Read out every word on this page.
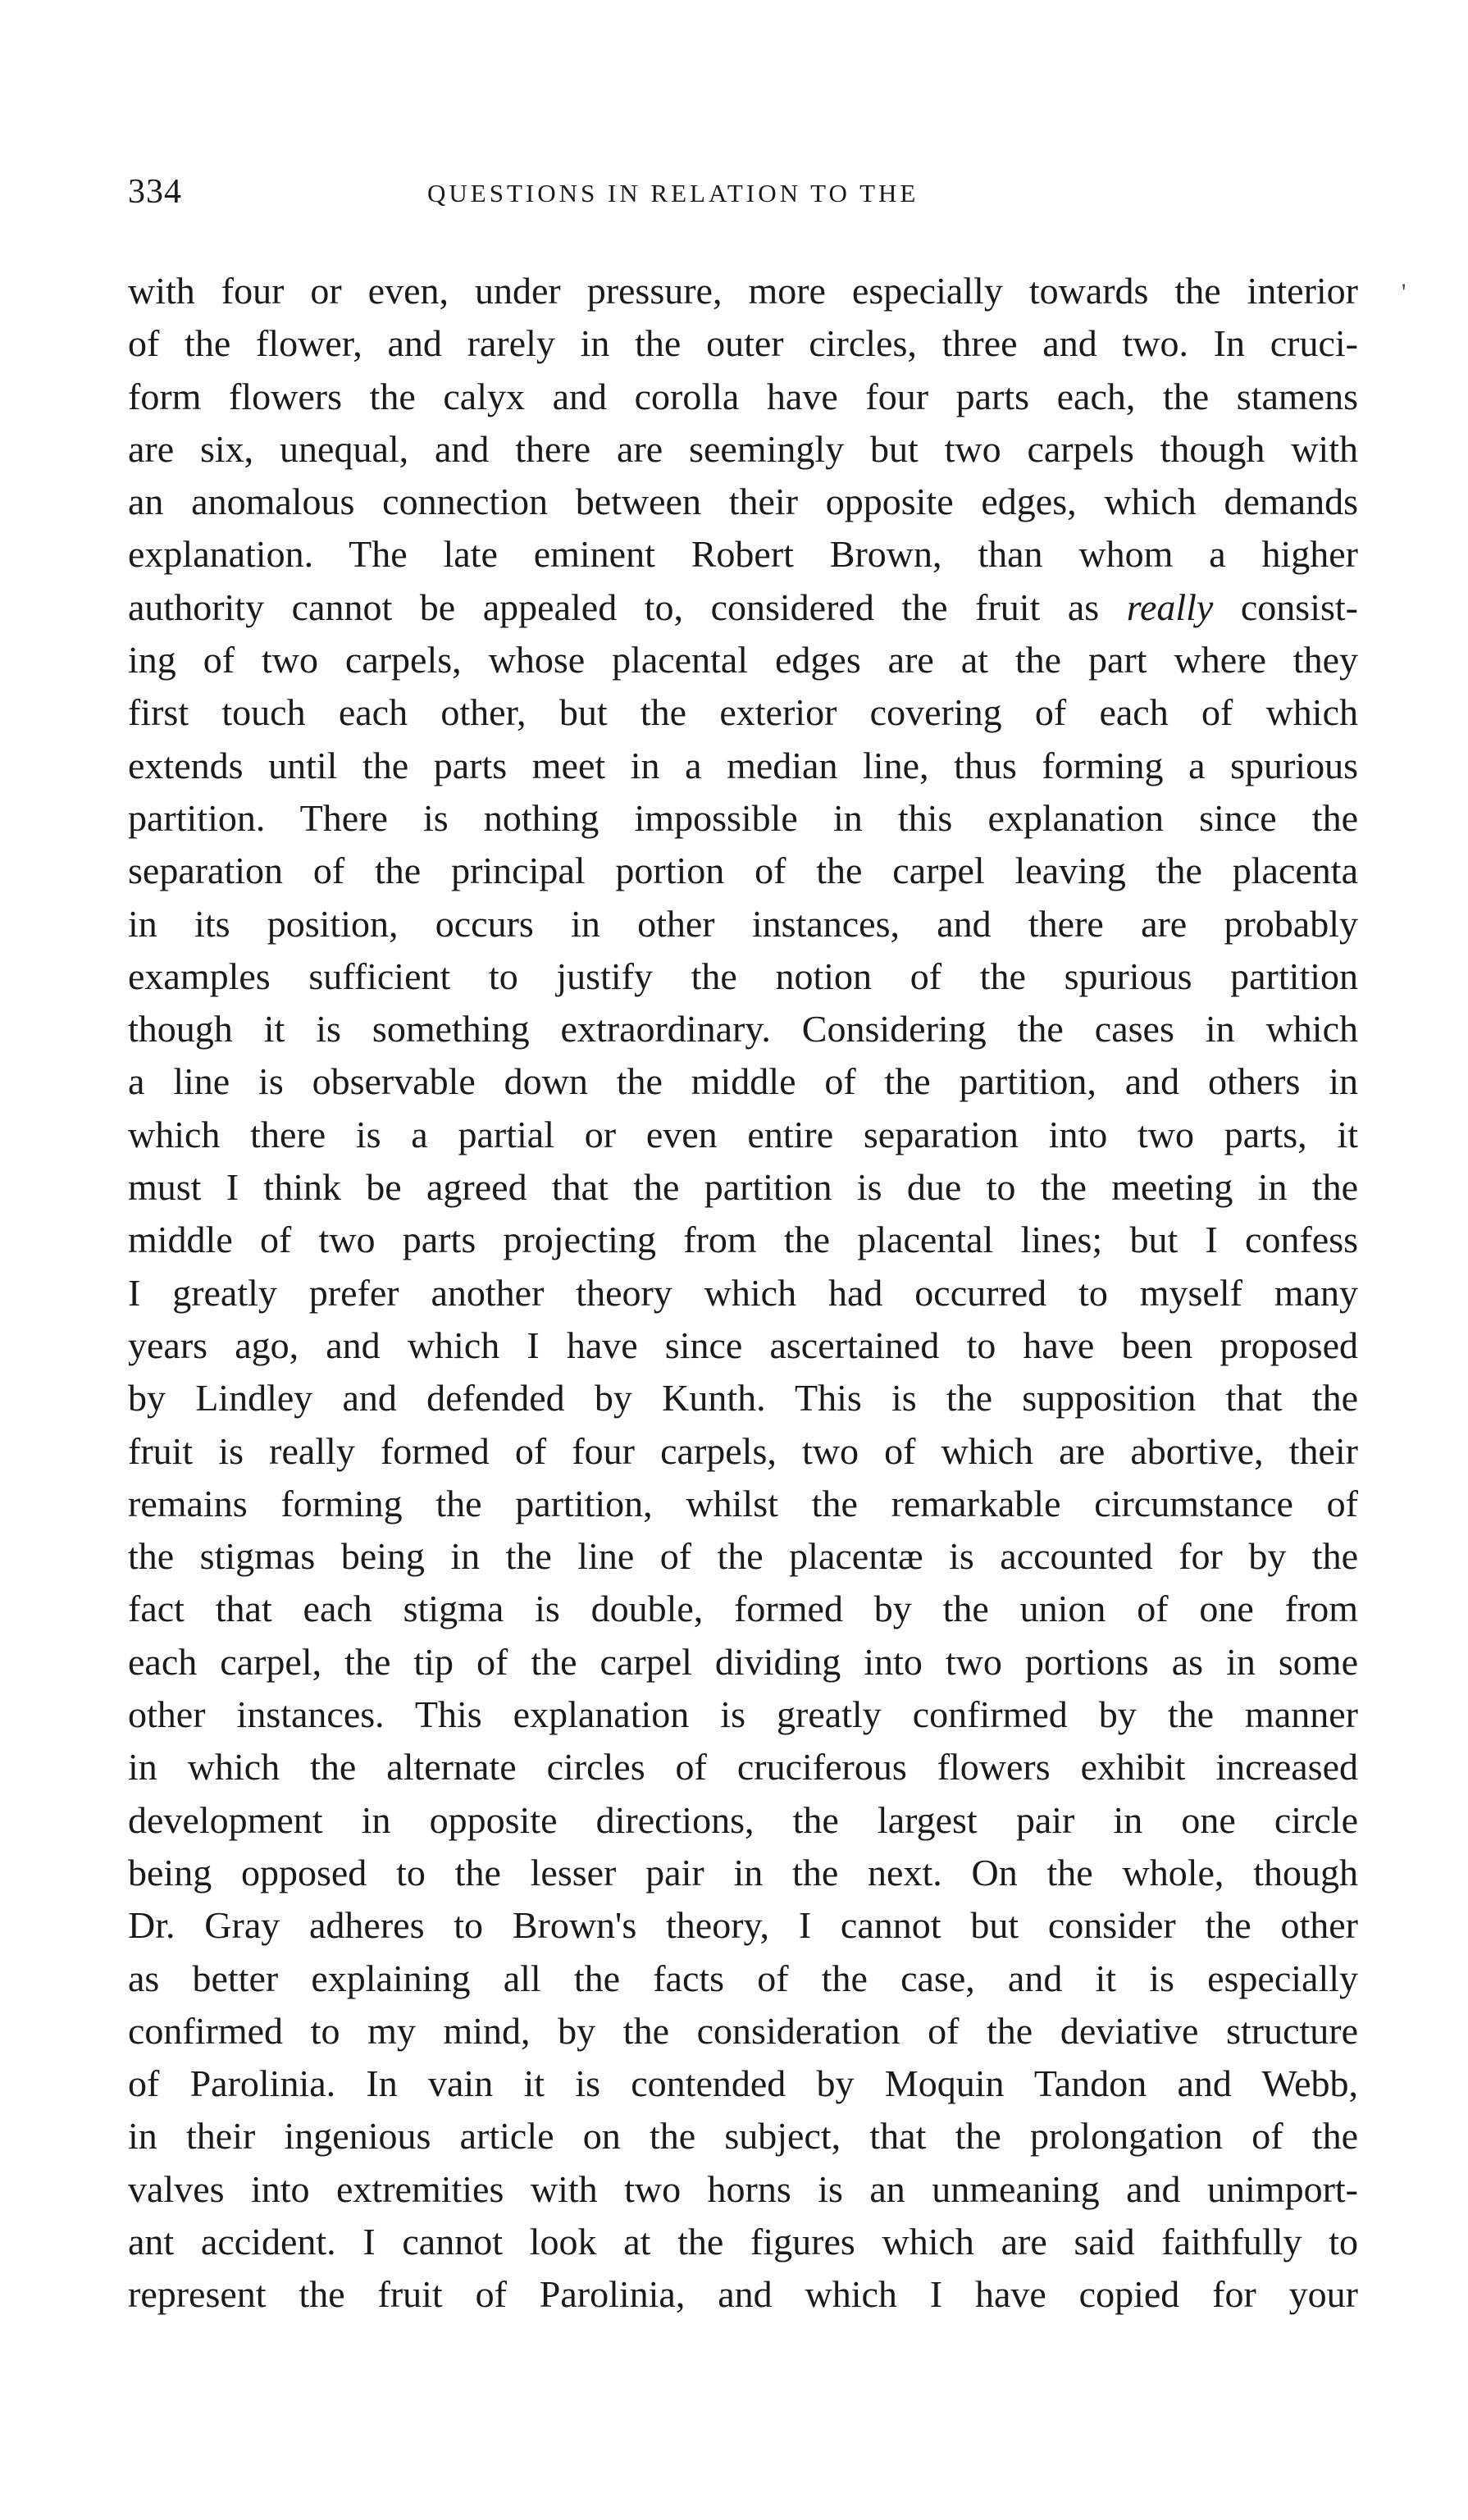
334	QUESTIONS IN RELATION TO THE
'
with four or even, under pressure, more especially towards the interior
of the flower, and rarely in the outer circles, three and two. In cruci-
form flowers the calyx and corolla have four parts each, the stamens
are six, unequal, and there are seemingly but two carpels though with
an anomalous connection between their opposite edges, which demands
explanation. The late eminent Robert Brown, than whom a higher
authority cannot be appealed to, considered the fruit as really consist-
ing of two carpels, whose placental edges are at the part where they
first touch each other, but the exterior covering of each of which
extends until the parts meet in a median line, thus forming a spurious
partition. There is nothing impossible in this explanation since the
separation of the principal portion of the carpel leaving the placenta
in its position, occurs in other instances, and there are probably
examples sufficient to justify the notion of the spurious partition
though it is something extraordinary. Considering the cases in which
a line is observable down the middle of the partition, and others in
which there is a partial or even entire separation into two parts, it
must I think be agreed that the partition is due to the meeting in the
middle of two parts projecting from the placental lines; but I confess
I greatly prefer another theory which had occurred to myself many
years ago, and which I have since ascertained to have been proposed
by Lindley and defended by Kunth. This is the supposition that the
fruit is really formed of four carpels, two of which are abortive, their
remains forming the partition, whilst the remarkable circumstance of
the stigmas being in the line of the placentæ is accounted for by the
fact that each stigma is double, formed by the union of one from
each carpel, the tip of the carpel dividing into two portions as in some
other instances. This explanation is greatly confirmed by the manner
in which the alternate circles of cruciferous flowers exhibit increased
development in opposite directions, the largest pair in one circle
being opposed to the lesser pair in the next. On the whole, though
Dr. Gray adheres to Brown's theory, I cannot but consider the other
as better explaining all the facts of the case, and it is especially
confirmed to my mind, by the consideration of the deviative structure
of Parolinia. In vain it is contended by Moquin Tandon and Webb,
in their ingenious article on the subject, that the prolongation of the
valves into extremities with two horns is an unmeaning and unimport-
ant accident. I cannot look at the figures which are said faithfully to
represent the fruit of Parolinia, and which I have copied for your
